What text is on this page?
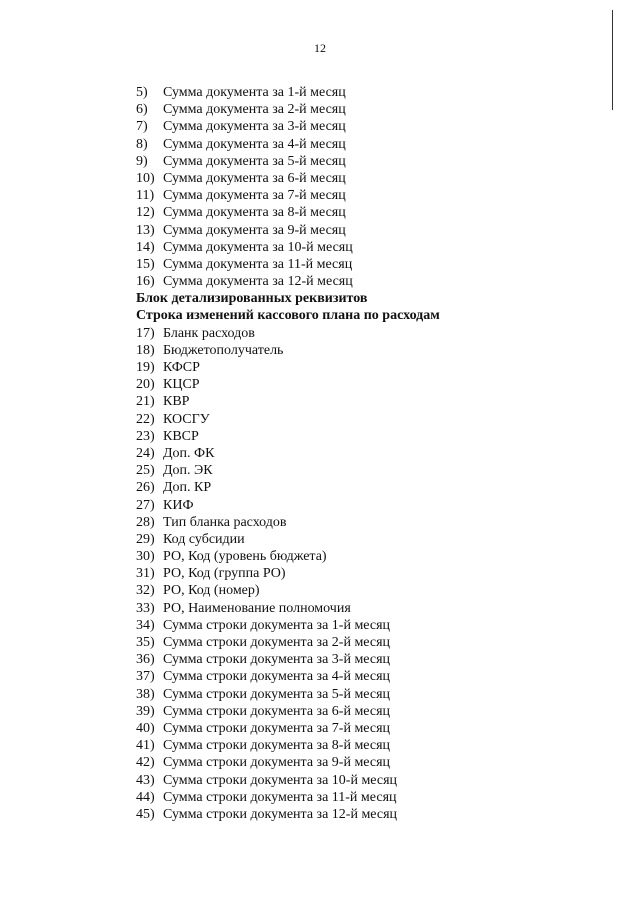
12
5) Сумма документа за 1-й месяц
6) Сумма документа за 2-й месяц
7) Сумма документа за 3-й месяц
8) Сумма документа за 4-й месяц
9) Сумма документа за 5-й месяц
10) Сумма документа за 6-й месяц
11) Сумма документа за 7-й месяц
12) Сумма документа за 8-й месяц
13) Сумма документа за 9-й месяц
14) Сумма документа за 10-й месяц
15) Сумма документа за 11-й месяц
16) Сумма документа за 12-й месяц
Блок детализированных реквизитов
Строка изменений кассового плана по расходам
17) Бланк расходов
18) Бюджетополучатель
19) КФСР
20) КЦСР
21) КВР
22) КОСГУ
23) КВСР
24) Доп. ФК
25) Доп. ЭК
26) Доп. КР
27) КИФ
28) Тип бланка расходов
29) Код субсидии
30) РО, Код (уровень бюджета)
31) РО, Код (группа РО)
32) РО, Код (номер)
33) РО, Наименование полномочия
34) Сумма строки документа за 1-й месяц
35) Сумма строки документа за 2-й месяц
36) Сумма строки документа за 3-й месяц
37) Сумма строки документа за 4-й месяц
38) Сумма строки документа за 5-й месяц
39) Сумма строки документа за 6-й месяц
40) Сумма строки документа за 7-й месяц
41) Сумма строки документа за 8-й месяц
42) Сумма строки документа за 9-й месяц
43) Сумма строки документа за 10-й месяц
44) Сумма строки документа за 11-й месяц
45) Сумма строки документа за 12-й месяц
